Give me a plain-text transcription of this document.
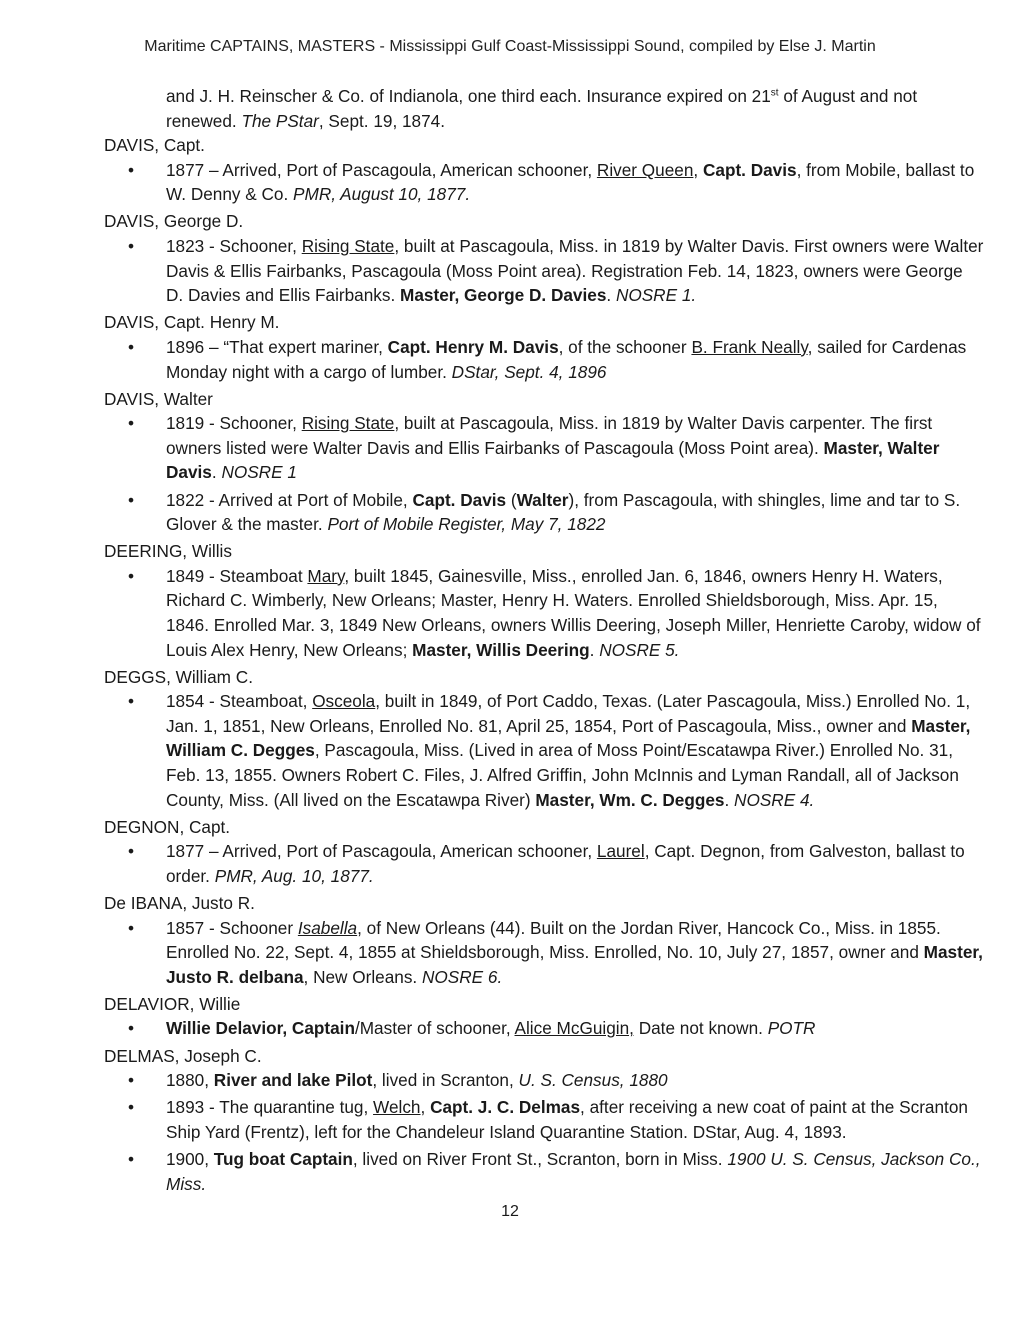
Maritime CAPTAINS, MASTERS - Mississippi Gulf Coast-Mississippi Sound, compiled by Else J. Martin
and J. H. Reinscher & Co. of Indianola, one third each. Insurance expired on 21st of August and not renewed. The PStar, Sept. 19, 1874.
DAVIS, Capt.
• 1877 – Arrived, Port of Pascagoula, American schooner, River Queen, Capt. Davis, from Mobile, ballast to W. Denny & Co. PMR, August 10, 1877.
DAVIS, George D.
• 1823 - Schooner, Rising State, built at Pascagoula, Miss. in 1819 by Walter Davis. First owners were Walter Davis & Ellis Fairbanks, Pascagoula (Moss Point area). Registration Feb. 14, 1823, owners were George D. Davies and Ellis Fairbanks. Master, George D. Davies. NOSRE 1.
DAVIS, Capt. Henry M.
• 1896 – “That expert mariner, Capt. Henry M. Davis, of the schooner B. Frank Neally, sailed for Cardenas Monday night with a cargo of lumber. DStar, Sept. 4, 1896
DAVIS, Walter
• 1819 - Schooner, Rising State, built at Pascagoula, Miss. in 1819 by Walter Davis carpenter. The first owners listed were Walter Davis and Ellis Fairbanks of Pascagoula (Moss Point area). Master, Walter Davis. NOSRE 1
• 1822 - Arrived at Port of Mobile, Capt. Davis (Walter), from Pascagoula, with shingles, lime and tar to S. Glover & the master. Port of Mobile Register, May 7, 1822
DEERING, Willis
• 1849 - Steamboat Mary, built 1845, Gainesville, Miss., enrolled Jan. 6, 1846, owners Henry H. Waters, Richard C. Wimberly, New Orleans; Master, Henry H. Waters. Enrolled Shieldsborough, Miss. Apr. 15, 1846. Enrolled Mar. 3, 1849 New Orleans, owners Willis Deering, Joseph Miller, Henriette Caroby, widow of Louis Alex Henry, New Orleans; Master, Willis Deering. NOSRE 5.
DEGGS, William C.
• 1854 - Steamboat, Osceola, built in 1849, of Port Caddo, Texas. (Later Pascagoula, Miss.) Enrolled No. 1, Jan. 1, 1851, New Orleans, Enrolled No. 81, April 25, 1854, Port of Pascagoula, Miss., owner and Master, William C. Degges, Pascagoula, Miss. (Lived in area of Moss Point/Escatawpa River.) Enrolled No. 31, Feb. 13, 1855. Owners Robert C. Files, J. Alfred Griffin, John McInnis and Lyman Randall, all of Jackson County, Miss. (All lived on the Escatawpa River) Master, Wm. C. Degges. NOSRE 4.
DEGNON, Capt.
• 1877 – Arrived, Port of Pascagoula, American schooner, Laurel, Capt. Degnon, from Galveston, ballast to order. PMR, Aug. 10, 1877.
De IBANA, Justo R.
• 1857 - Schooner Isabella, of New Orleans (44). Built on the Jordan River, Hancock Co., Miss. in 1855. Enrolled No. 22, Sept. 4, 1855 at Shieldsborough, Miss. Enrolled, No. 10, July 27, 1857, owner and Master, Justo R. deIbana, New Orleans. NOSRE 6.
DELAVIOR, Willie
• Willie Delavior, Captain/Master of schooner, Alice McGuigin, Date not known. POTR
DELMAS, Joseph C.
• 1880, River and lake Pilot, lived in Scranton, U. S. Census, 1880
• 1893 - The quarantine tug, Welch, Capt. J. C. Delmas, after receiving a new coat of paint at the Scranton Ship Yard (Frentz), left for the Chandeleur Island Quarantine Station. DStar, Aug. 4, 1893.
• 1900, Tug boat Captain, lived on River Front St., Scranton, born in Miss. 1900 U. S. Census, Jackson Co., Miss.
12
